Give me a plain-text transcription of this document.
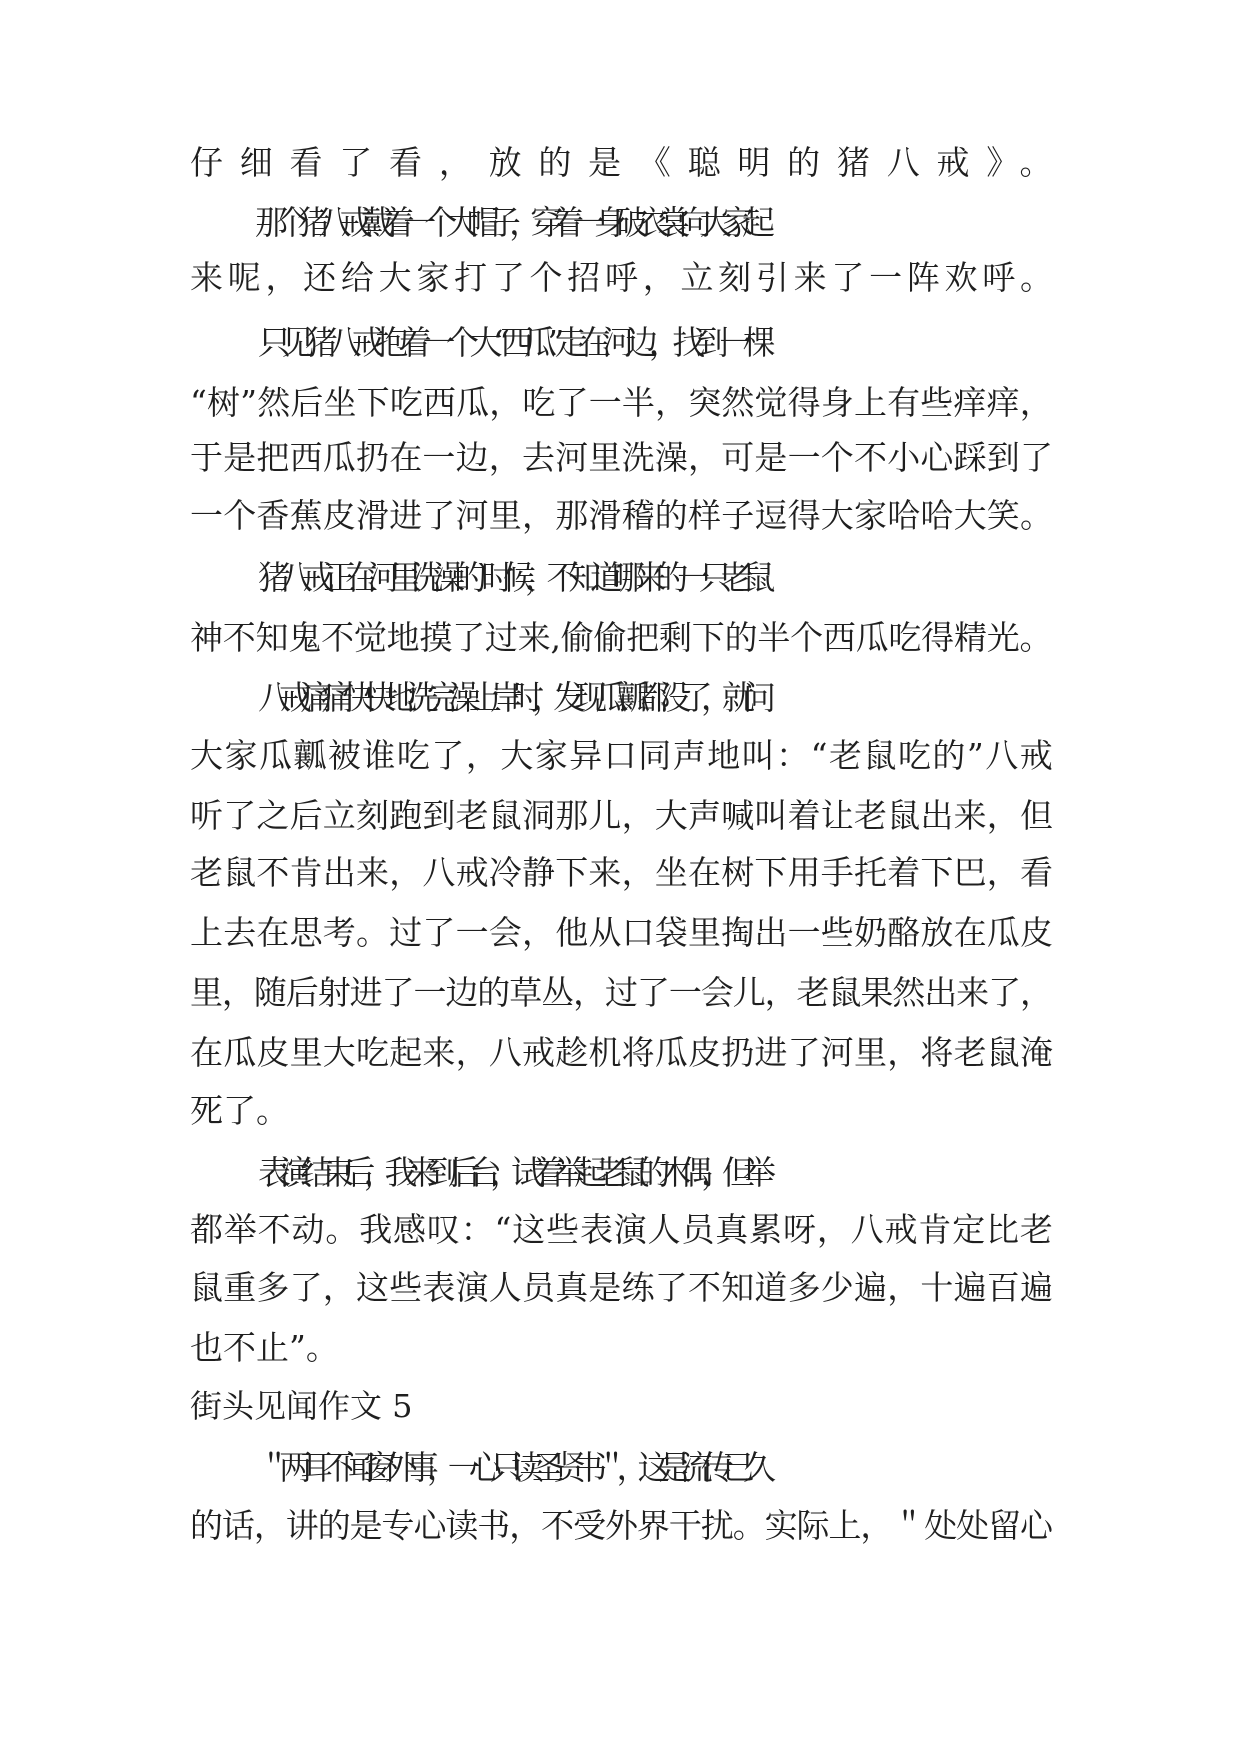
仔细看了看，放的是《聪明的猪八戒》。

那个猪八戒戴着一个大帽子，穿着一身破衣裳向大家起

来呢，还给大家打了个招呼，立刻引来了一阵欢呼。

只见猪八戒抱着一个大“西瓜”走在河边，找到一棵

“树”然后坐下吃西瓜，吃了一半，突然觉得身上有些痒痒，

于是把西瓜扔在一边，去河里洗澡，可是一个不小心踩到了

一个香蕉皮滑进了河里，那滑稽的样子逗得大家哈哈大笑。

猪八戒正在河里洗澡的`时候，不知道哪来的一只老鼠

神不知鬼不觉地摸了过来,偷偷把剩下的半个西瓜吃得精光。

八戒痛痛快快地洗完澡上岸时，发现瓜瓤都没了，就问

大家瓜瓤被谁吃了，大家异口同声地叫：“老鼠吃的”八戒

听了之后立刻跑到老鼠洞那儿，大声喊叫着让老鼠出来，但

老鼠不肯出来，八戒冷静下来，坐在树下用手托着下巴，看

上去在思考。过了一会，他从口袋里掏出一些奶酪放在瓜皮

里，随后射进了一边的草丛，过了一会儿，老鼠果然出来了，

在瓜皮里大吃起来，八戒趁机将瓜皮扔进了河里，将老鼠淹

死了。

表演结束后，我来到后台，试着举起老鼠的木偶，但举

都举不动。我感叹：“这些表演人员真累呀，八戒肯定比老

鼠重多了，这些表演人员真是练了不知道多少遍，十遍百遍

也不止”。

街头见闻作文 5

＂两耳不闻窗外事，一心只读圣贤书＂，这是流传已久

的话，讲的是专心读书，不受外界干扰。实际上，＂处处留心
